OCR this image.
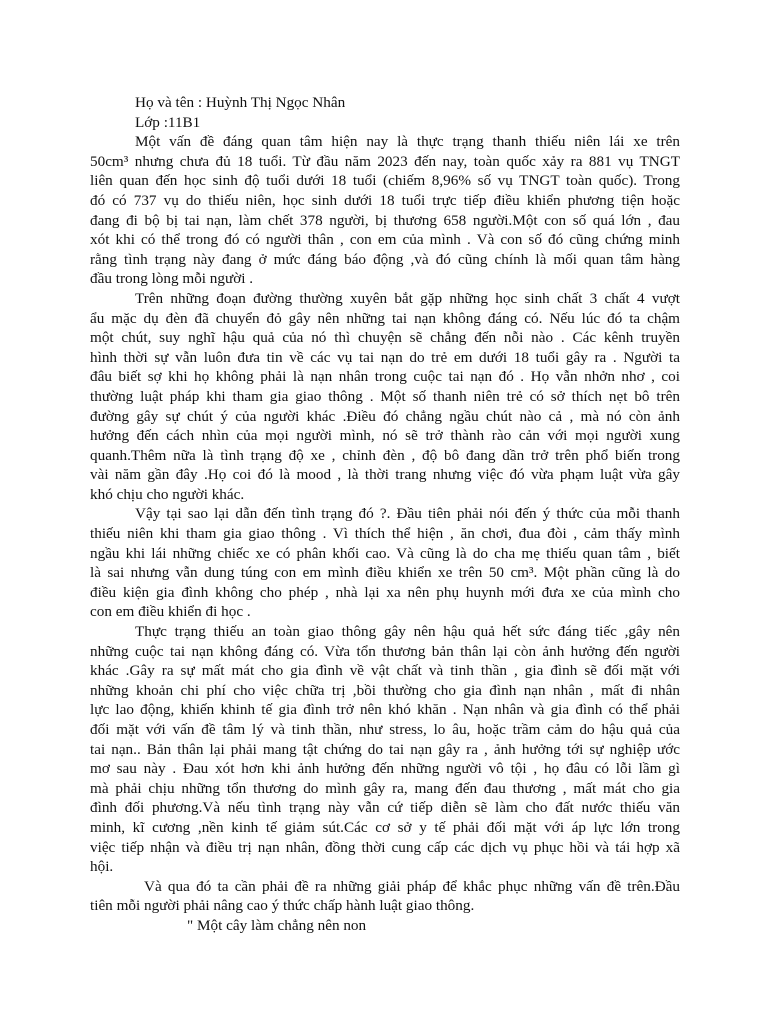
Họ và tên : Huỳnh Thị Ngọc Nhân
Lớp :11B1
Một vấn đề đáng quan tâm hiện nay là thực trạng thanh thiếu niên lái xe trên
50cm³ nhưng chưa đủ 18 tuổi. Từ đầu năm 2023 đến nay, toàn quốc xảy ra 881 vụ TNGT
liên quan đến học sinh độ tuổi dưới 18 tuổi (chiếm 8,96% số vụ TNGT toàn quốc). Trong
đó có 737 vụ do thiếu niên, học sinh dưới 18 tuổi trực tiếp điều khiển phương tiện hoặc
đang đi bộ bị tai nạn, làm chết 378 người, bị thương 658 người.Một con số quá lớn , đau
xót khi có thể trong đó có người thân , con em của mình . Và con số đó cũng chứng minh
rằng tình trạng này đang ở mức đáng báo động ,và đó cũng chính là mối quan tâm hàng
đầu trong lòng mỗi người .
Trên những đoạn đường thường xuyên bắt gặp những học sinh chất 3 chất 4 vượt
ẩu mặc dụ đèn đã chuyển đỏ gây nên những tai nạn không đáng có. Nếu lúc đó ta chậm
một chút, suy nghĩ hậu quả của nó thì chuyện sẽ chẳng đến nỗi nào . Các kênh truyền
hình thời sự vẫn luôn đưa tin về các vụ tai nạn do trẻ em dưới 18 tuổi gây ra . Người ta
đâu biết sợ khi họ không phải là nạn nhân trong cuộc tai nạn đó . Họ vẫn nhởn nhơ , coi
thường luật pháp khi tham gia giao thông . Một số thanh niên trẻ có sở thích nẹt bô trên
đường gây sự chút ý của người khác .Điều đó chẳng ngầu chút nào cả , mà nó còn ảnh
hưởng đến cách nhìn của mọi người mình, nó sẽ trở thành rào cản với mọi người xung
quanh.Thêm nữa là tình trạng độ xe , chỉnh đèn , độ bô đang dần trở trên phổ biến trong
vài năm gần đây .Họ coi đó là mood , là thời trang nhưng việc đó vừa phạm luật vừa gây
khó chịu cho người khác.
Vậy tại sao lại dẫn đến tình trạng đó ?. Đầu tiên phải nói đến ý thức của mỗi thanh
thiếu niên khi tham gia giao thông . Vì thích thể hiện , ăn chơi, đua đòi , cảm thấy mình
ngầu khi lái những chiếc xe có phân khối cao. Và cũng là do cha mẹ thiếu quan tâm , biết
là sai nhưng vẫn dung túng con em mình điều khiển xe trên 50 cm³. Một phần cũng là do
điều kiện gia đình không cho phép , nhà lại xa nên phụ huynh mới đưa xe của mình cho
con em điều khiển đi học .
Thực trạng thiếu an toàn giao thông gây nên hậu quả hết sức đáng tiếc ,gây nên
những cuộc tai nạn không đáng có. Vừa tổn thương bản thân lại còn ảnh hưởng đến người
khác .Gây ra sự mất mát cho gia đình về vật chất và tinh thần , gia đình sẽ đối mặt với
những khoản chi phí cho việc chữa trị ,bồi thường cho gia đình nạn nhân , mất đi nhân
lực lao động, khiến khinh tế gia đình trở nên khó khăn . Nạn nhân và gia đình có thể phải
đối mặt với vấn đề tâm lý và tinh thần, như stress, lo âu, hoặc trầm cảm do hậu quả của
tai nạn.. Bản thân lại phải mang tật chứng do tai nạn gây ra , ảnh hưởng tới sự nghiệp ước
mơ sau này . Đau xót hơn khi ảnh hưởng đến những người vô tội , họ đâu có lỗi lầm gì
mà phải chịu những tổn thương do mình gây ra, mang đến đau thương , mất mát cho gia
đình đối phương.Và nếu tình trạng này vẫn cứ tiếp diễn sẽ làm cho đất nước thiếu văn
minh, kĩ cương ,nền kinh tế giảm sút.Các cơ sở y tế phải đối mặt với áp lực lớn trong
việc tiếp nhận và điều trị nạn nhân, đồng thời cung cấp các dịch vụ phục hồi và tái hợp xã
hội.
Và qua đó ta cần phải đề ra những giải pháp để khắc phục những vấn đề trên.Đầu
tiên mỗi người phải nâng cao ý thức chấp hành luật giao thông.
" Một cây làm chẳng nên non
